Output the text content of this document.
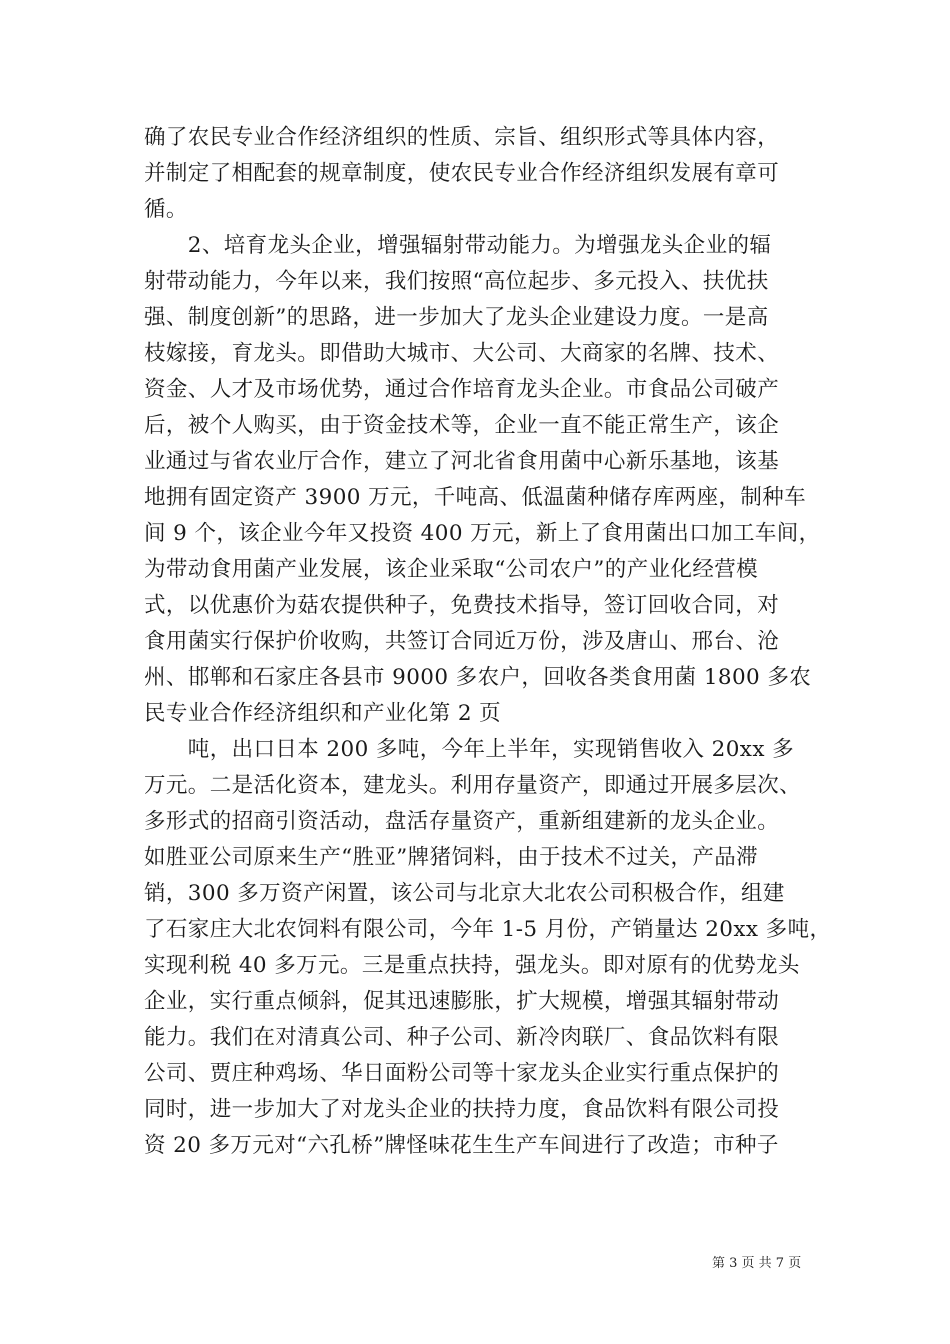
确了农民专业合作经济组织的性质、宗旨、组织形式等具体内容，
并制定了相配套的规章制度，使农民专业合作经济组织发展有章可
循。
　　2、培育龙头企业，增强辐射带动能力。为增强龙头企业的辐
射带动能力，今年以来，我们按照“高位起步、多元投入、扶优扶
强、制度创新”的思路，进一步加大了龙头企业建设力度。一是高
枝嫁接，育龙头。即借助大城市、大公司、大商家的名牌、技术、
资金、人才及市场优势，通过合作培育龙头企业。市食品公司破产
后，被个人购买，由于资金技术等，企业一直不能正常生产，该企
业通过与省农业厅合作，建立了河北省食用菌中心新乐基地，该基
地拥有固定资产 3900 万元，千吨高、低温菌种储存库两座，制种车
间 9 个，该企业今年又投资 400 万元，新上了食用菌出口加工车间，
为带动食用菌产业发展，该企业采取“公司农户”的产业化经营模
式，以优惠价为菇农提供种子，免费技术指导，签订回收合同，对
食用菌实行保护价收购，共签订合同近万份，涉及唐山、邢台、沧
州、邯郸和石家庄各县市 9000 多农户，回收各类食用菌 1800 多农
民专业合作经济组织和产业化第 2 页
　　吨，出口日本 200 多吨，今年上半年，实现销售收入 20xx 多
万元。二是活化资本，建龙头。利用存量资产，即通过开展多层次、
多形式的招商引资活动，盘活存量资产，重新组建新的龙头企业。
如胜亚公司原来生产“胜亚”牌猪饲料，由于技术不过关，产品滞
销，300 多万资产闲置，该公司与北京大北农公司积极合作，组建
了石家庄大北农饲料有限公司，今年 1-5 月份，产销量达 20xx 多吨，
实现利税 40 多万元。三是重点扶持，强龙头。即对原有的优势龙头
企业，实行重点倾斜，促其迅速膨胀，扩大规模，增强其辐射带动
能力。我们在对清真公司、种子公司、新冷肉联厂、食品饮料有限
公司、贾庄种鸡场、华日面粉公司等十家龙头企业实行重点保护的
同时，进一步加大了对龙头企业的扶持力度，食品饮料有限公司投
资 20 多万元对“六孔桥”牌怪味花生生产车间进行了改造；市种子
第 3 页 共 7 页
